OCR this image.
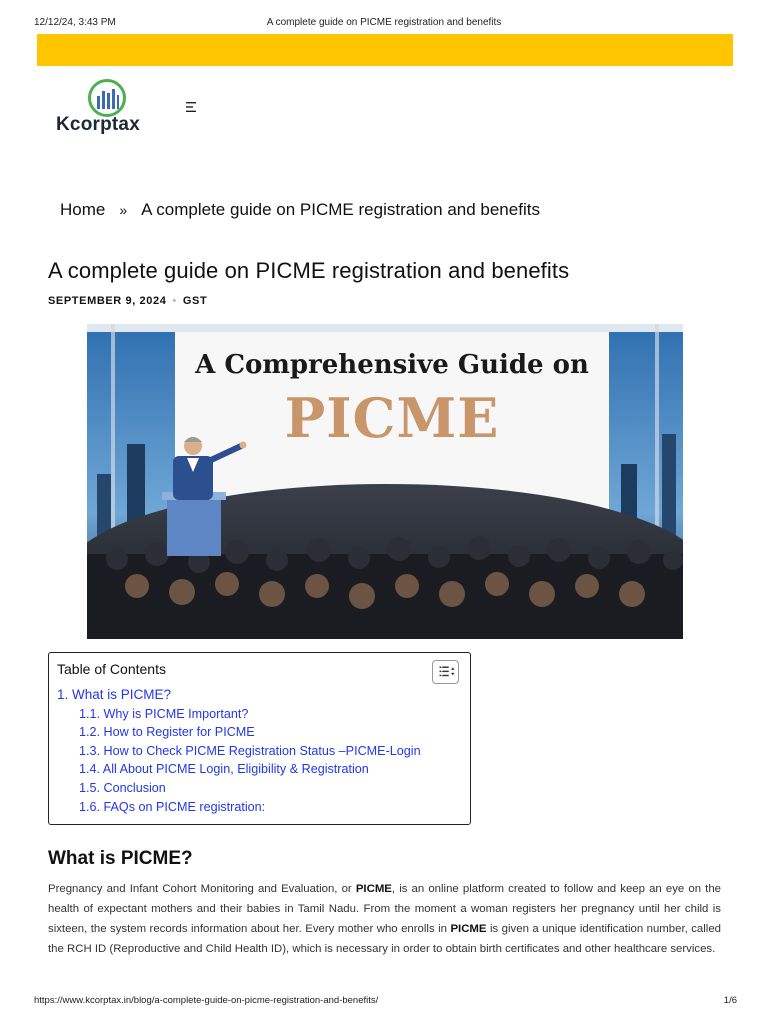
12/12/24, 3:43 PM	A complete guide on PICME registration and benefits
Kcorptax
Home » A complete guide on PICME registration and benefits
A complete guide on PICME registration and benefits
SEPTEMBER 9, 2024 • GST
A Comprehensive Guide on
PICME
Table of Contents
1. What is PICME?
1.1. Why is PICME Important?
1.2. How to Register for PICME
1.3. How to Check PICME Registration Status –PICME-Login
1.4. All About PICME Login, Eligibility & Registration
1.5. Conclusion
1.6. FAQs on PICME registration:
What is PICME?

Pregnancy and Infant Cohort Monitoring and Evaluation, or PICME, is an online platform created to follow and keep an eye on the health of expectant mothers and their babies in Tamil Nadu. From the moment a woman registers her pregnancy until her child is sixteen, the system records information about her. Every mother who enrolls in PICME is given a unique identification number, called the RCH ID (Reproductive and Child Health ID), which is necessary in order to obtain birth certificates and other healthcare services.

https://www.kcorptax.in/blog/a-complete-guide-on-picme-registration-and-benefits/	1/6
